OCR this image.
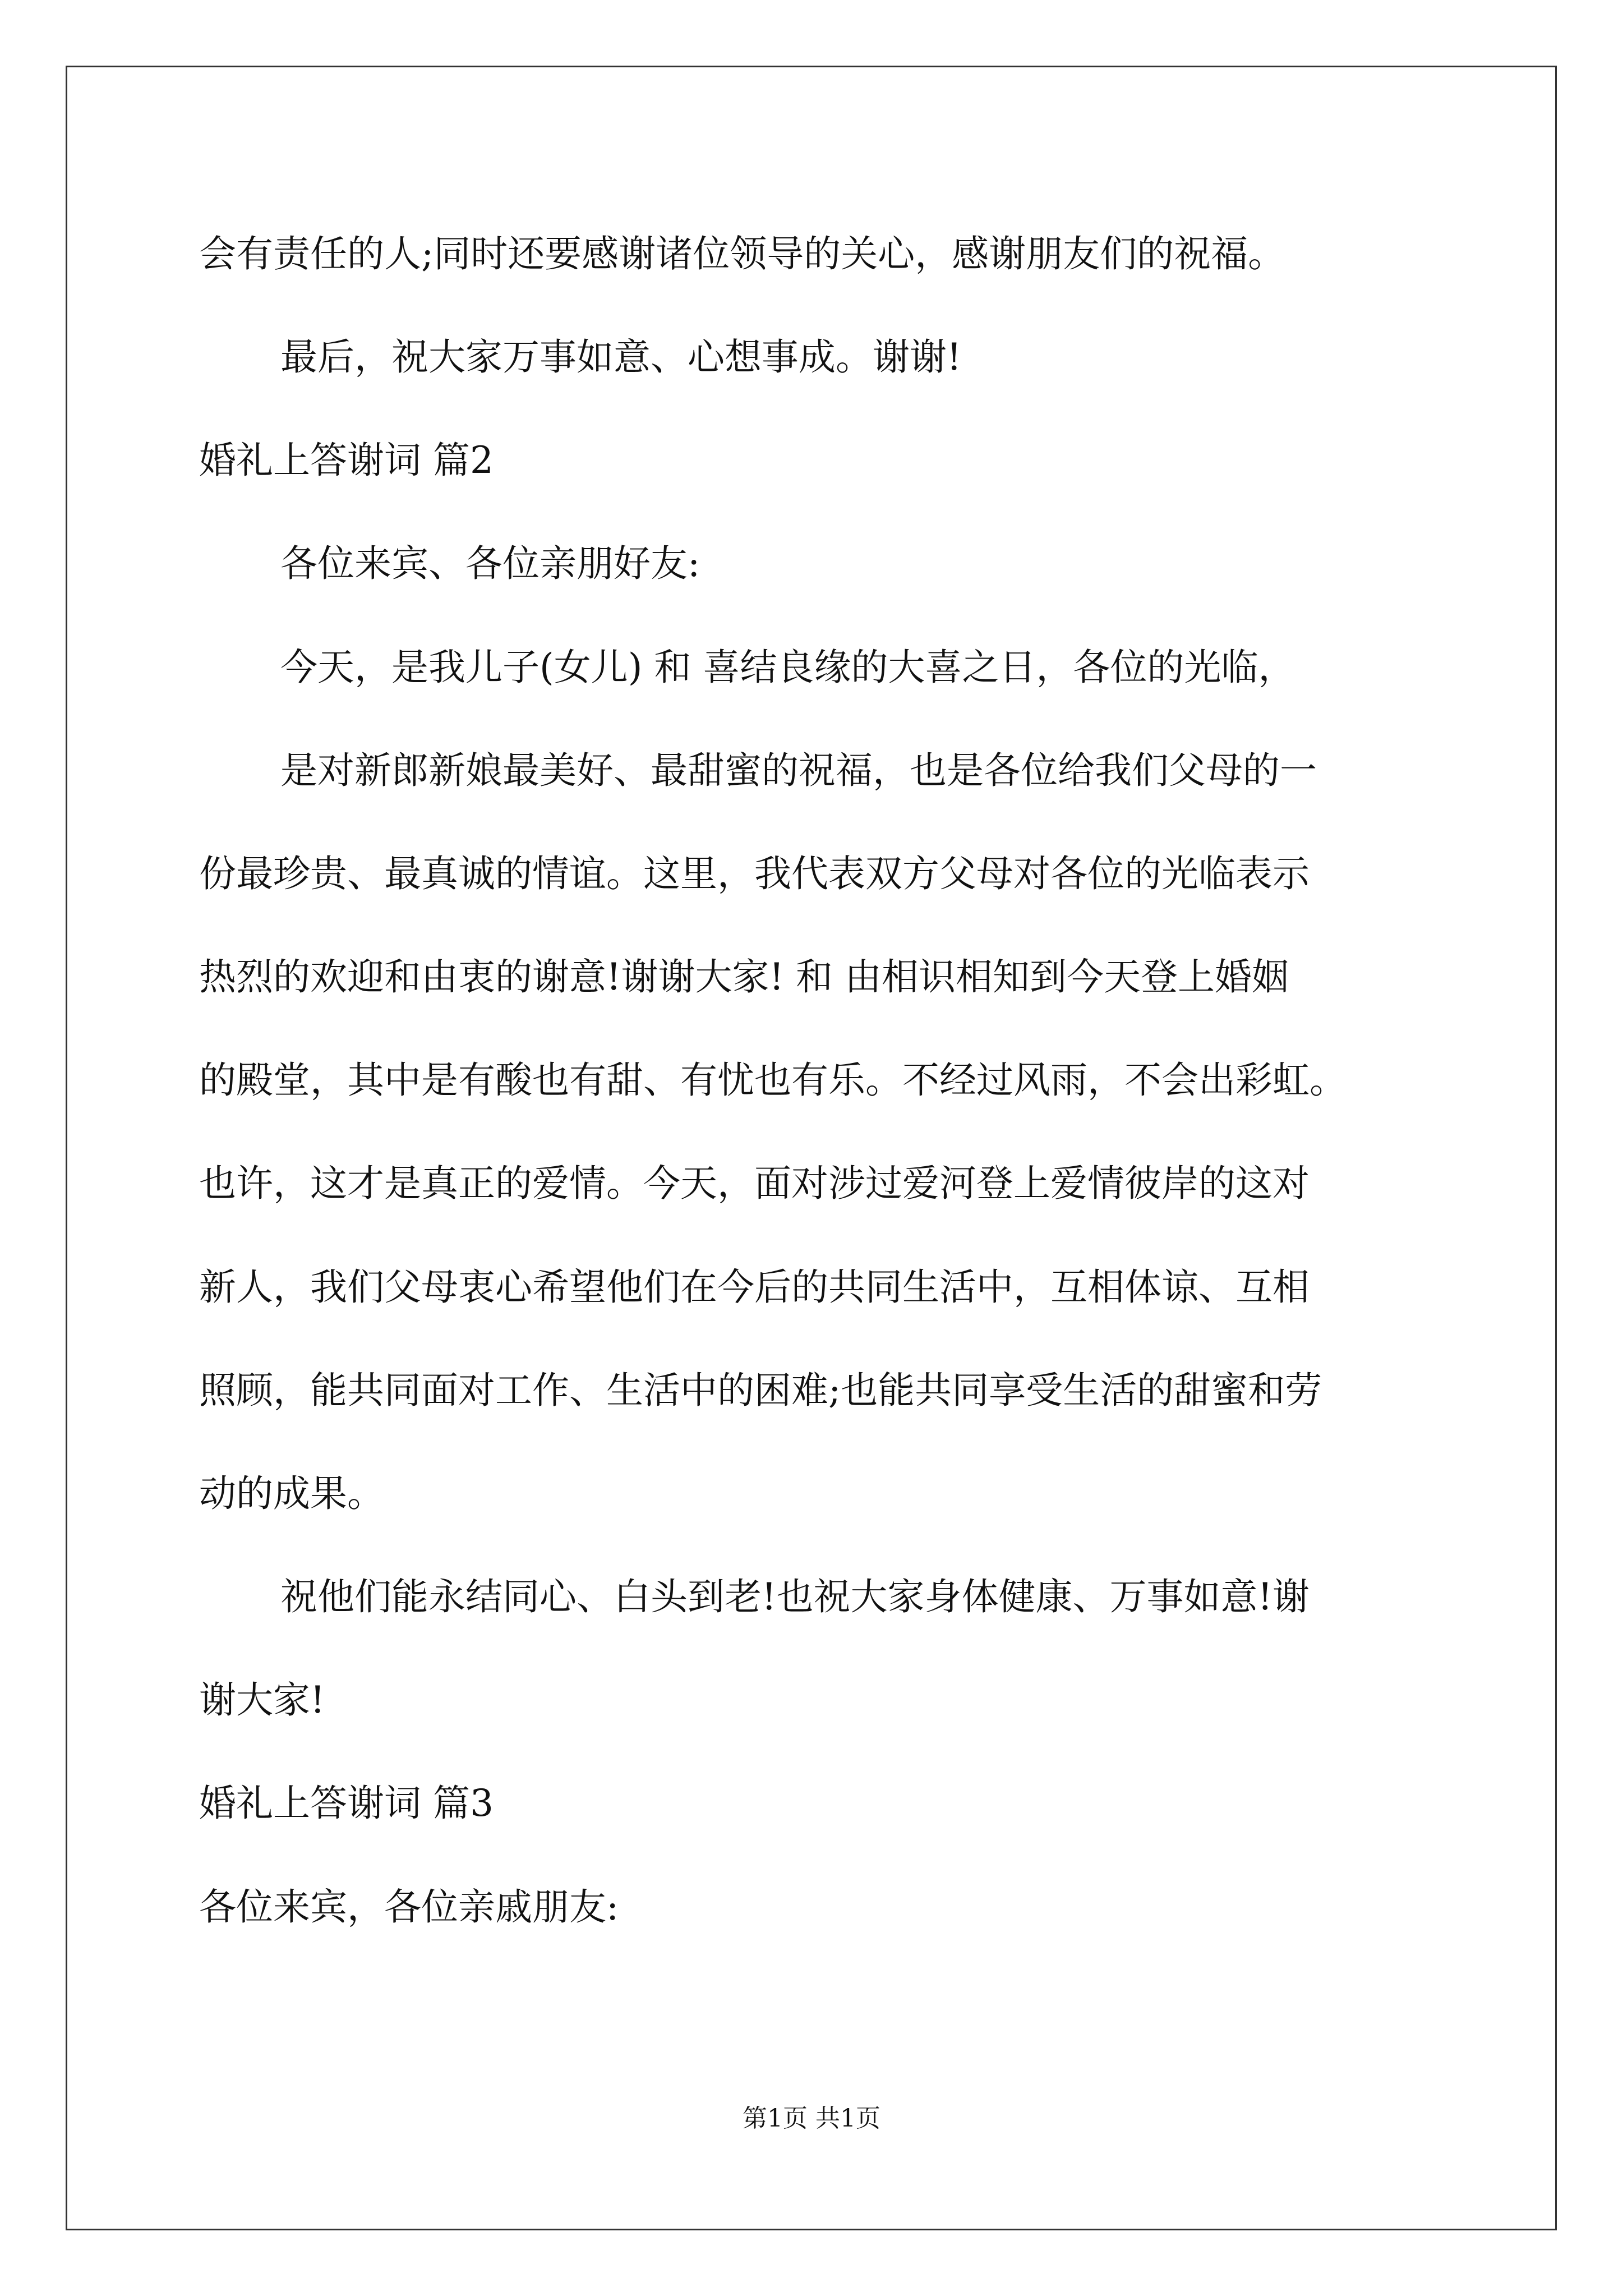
会有责任的人;同时还要感谢诸位领导的关心，感谢朋友们的祝福。
最后，祝大家万事如意、心想事成。谢谢!
婚礼上答谢词 篇2
各位来宾、各位亲朋好友:
今天，是我儿子(女儿) 和 喜结良缘的大喜之日，各位的光临，
是对新郎新娘最美好、最甜蜜的祝福，也是各位给我们父母的一
份最珍贵、最真诚的情谊。这里，我代表双方父母对各位的光临表示
热烈的欢迎和由衷的谢意!谢谢大家! 和 由相识相知到今天登上婚姻
的殿堂，其中是有酸也有甜、有忧也有乐。不经过风雨，不会出彩虹。
也许，这才是真正的爱情。今天，面对涉过爱河登上爱情彼岸的这对
新人，我们父母衷心希望他们在今后的共同生活中，互相体谅、互相
照顾，能共同面对工作、生活中的困难;也能共同享受生活的甜蜜和劳
动的成果。
祝他们能永结同心、白头到老!也祝大家身体健康、万事如意!谢
谢大家!
婚礼上答谢词 篇3
各位来宾，各位亲戚朋友:
第1页 共1页
